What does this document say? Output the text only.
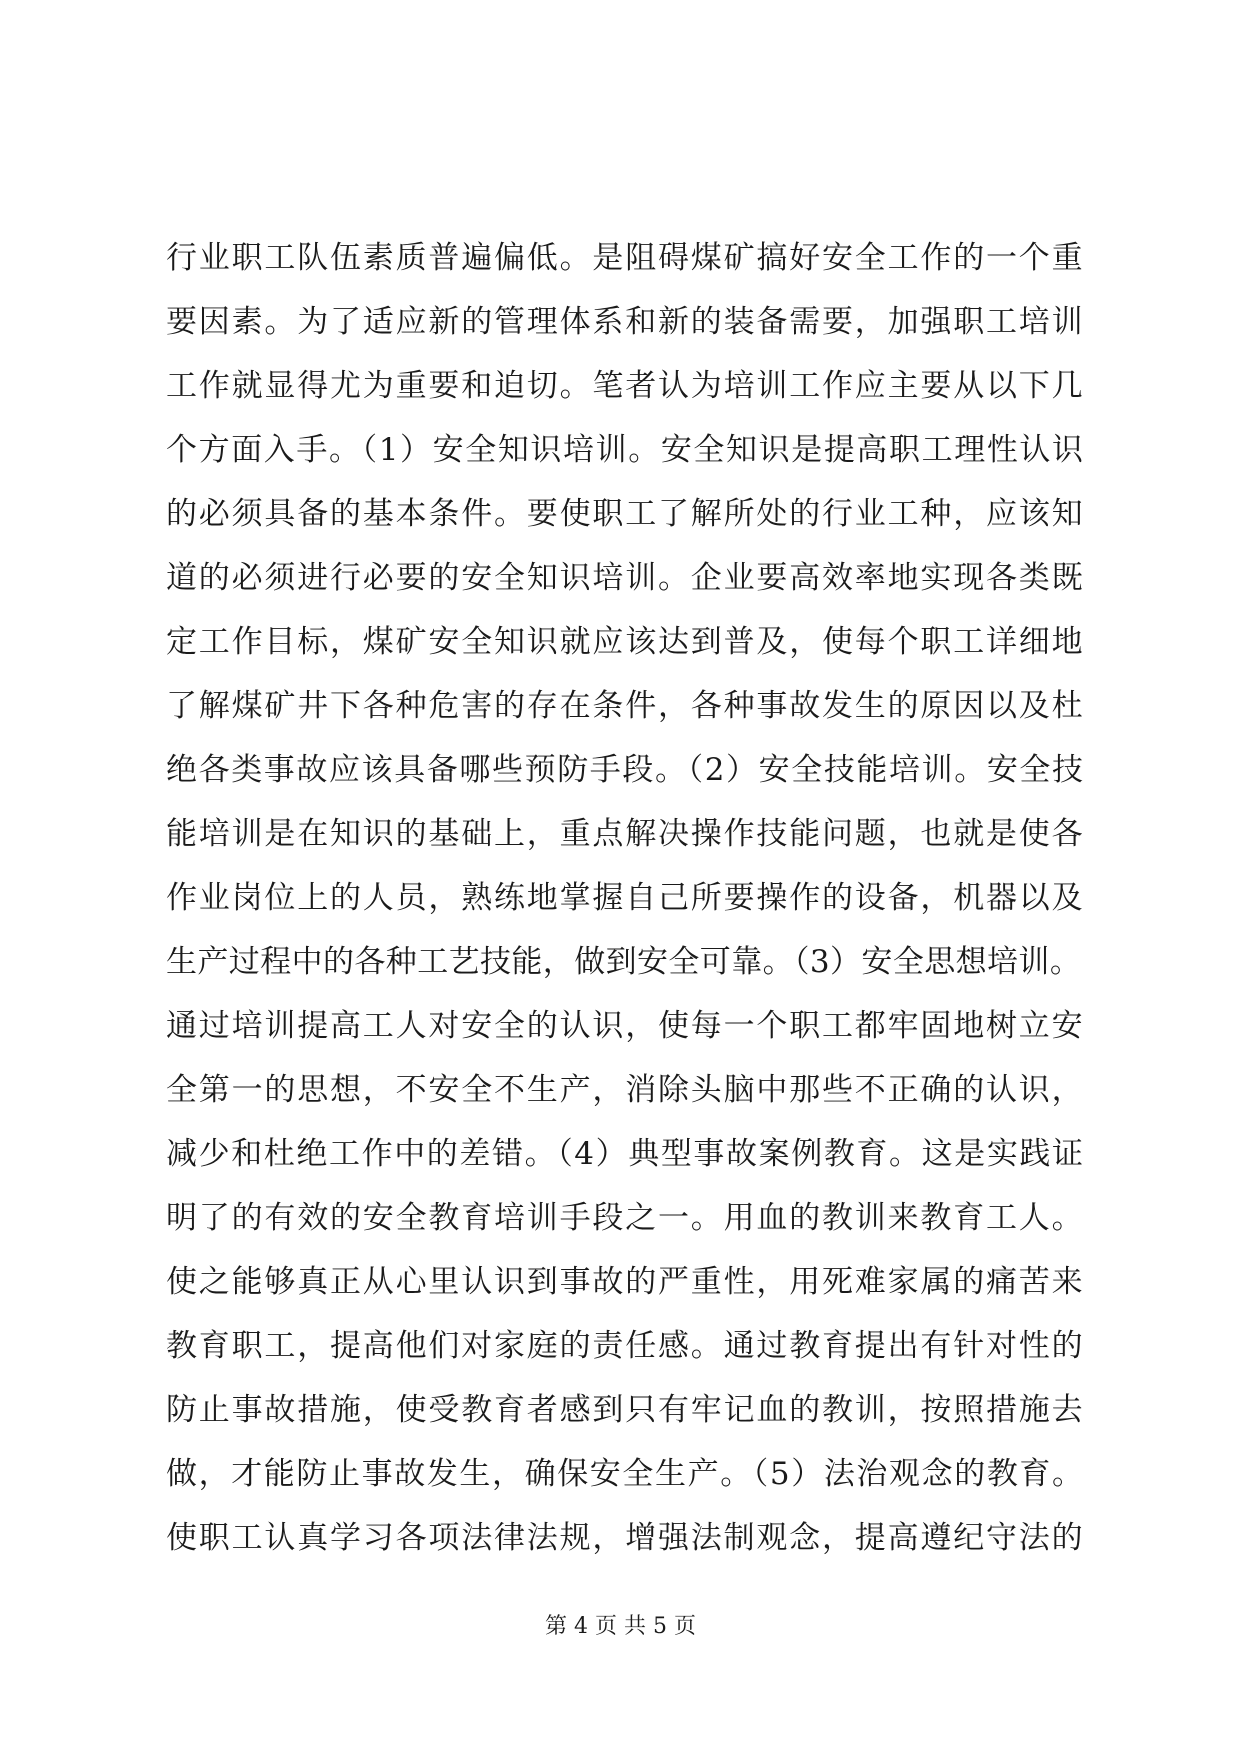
行业职工队伍素质普遍偏低。是阻碍煤矿搞好安全工作的一个重
要因素。为了适应新的管理体系和新的装备需要，加强职工培训
工作就显得尤为重要和迫切。笔者认为培训工作应主要从以下几
个方面入手。（1）安全知识培训。安全知识是提高职工理性认识
的必须具备的基本条件。要使职工了解所处的行业工种，应该知
道的必须进行必要的安全知识培训。企业要高效率地实现各类既
定工作目标，煤矿安全知识就应该达到普及，使每个职工详细地
了解煤矿井下各种危害的存在条件，各种事故发生的原因以及杜
绝各类事故应该具备哪些预防手段。（2）安全技能培训。安全技
能培训是在知识的基础上，重点解决操作技能问题，也就是使各
作业岗位上的人员，熟练地掌握自己所要操作的设备，机器以及
生产过程中的各种工艺技能，做到安全可靠。（3）安全思想培训。
通过培训提高工人对安全的认识，使每一个职工都牢固地树立安
全第一的思想，不安全不生产，消除头脑中那些不正确的认识，
减少和杜绝工作中的差错。（4）典型事故案例教育。这是实践证
明了的有效的安全教育培训手段之一。用血的教训来教育工人。
使之能够真正从心里认识到事故的严重性，用死难家属的痛苦来
教育职工，提高他们对家庭的责任感。通过教育提出有针对性的
防止事故措施，使受教育者感到只有牢记血的教训，按照措施去
做，才能防止事故发生，确保安全生产。（5）法治观念的教育。
使职工认真学习各项法律法规，增强法制观念，提高遵纪守法的
第 4 页 共 5 页
